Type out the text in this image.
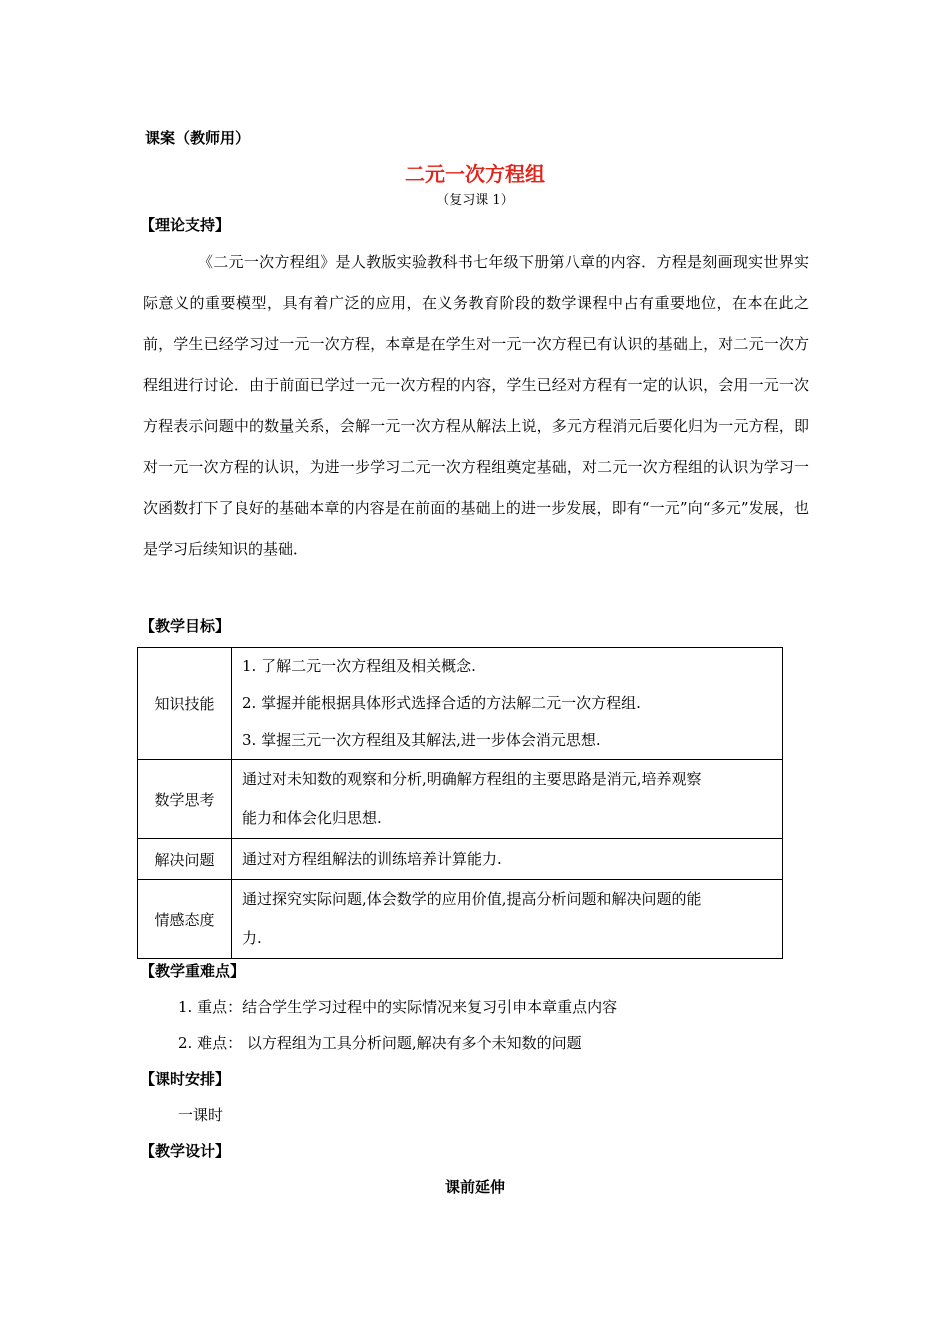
课案（教师用）
二元一次方程组
（复习课 1）
【理论支持】

《二元一次方程组》是人教版实验教科书七年级下册第八章的内容．方程是刻画现实世界实际意义的重要模型，具有着广泛的应用，在义务教育阶段的数学课程中占有重要地位，在本在此之前，学生已经学习过一元一次方程，本章是在学生对一元一次方程已有认识的基础上，对二元一次方程组进行讨论．由于前面已学过一元一次方程的内容，学生已经对方程有一定的认识，会用一元一次方程表示问题中的数量关系，会解一元一次方程从解法上说，多元方程消元后要化归为一元方程，即对一元一次方程的认识，为进一步学习二元一次方程组奠定基础，对二元一次方程组的认识为学习一次函数打下了良好的基础本章的内容是在前面的基础上的进一步发展，即有“一元”向“多元”发展，也是学习后续知识的基础．

【教学目标】
知识技能	1. 了解二元一次方程组及相关概念.
2. 掌握并能根据具体形式选择合适的方法解二元一次方程组.
3. 掌握三元一次方程组及其解法,进一步体会消元思想.

数学思考	通过对未知数的观察和分析,明确解方程组的主要思路是消元,培养观察
能力和体会化归思想.

解决问题	通过对方程组解法的训练培养计算能力.

情感态度	通过探究实际问题,体会数学的应用价值,提高分析问题和解决问题的能
力.
【教学重难点】
1. 重点：结合学生学习过程中的实际情况来复习引申本章重点内容
2. 难点： 以方程组为工具分析问题,解决有多个未知数的问题
【课时安排】
一课时
【教学设计】
课前延伸
